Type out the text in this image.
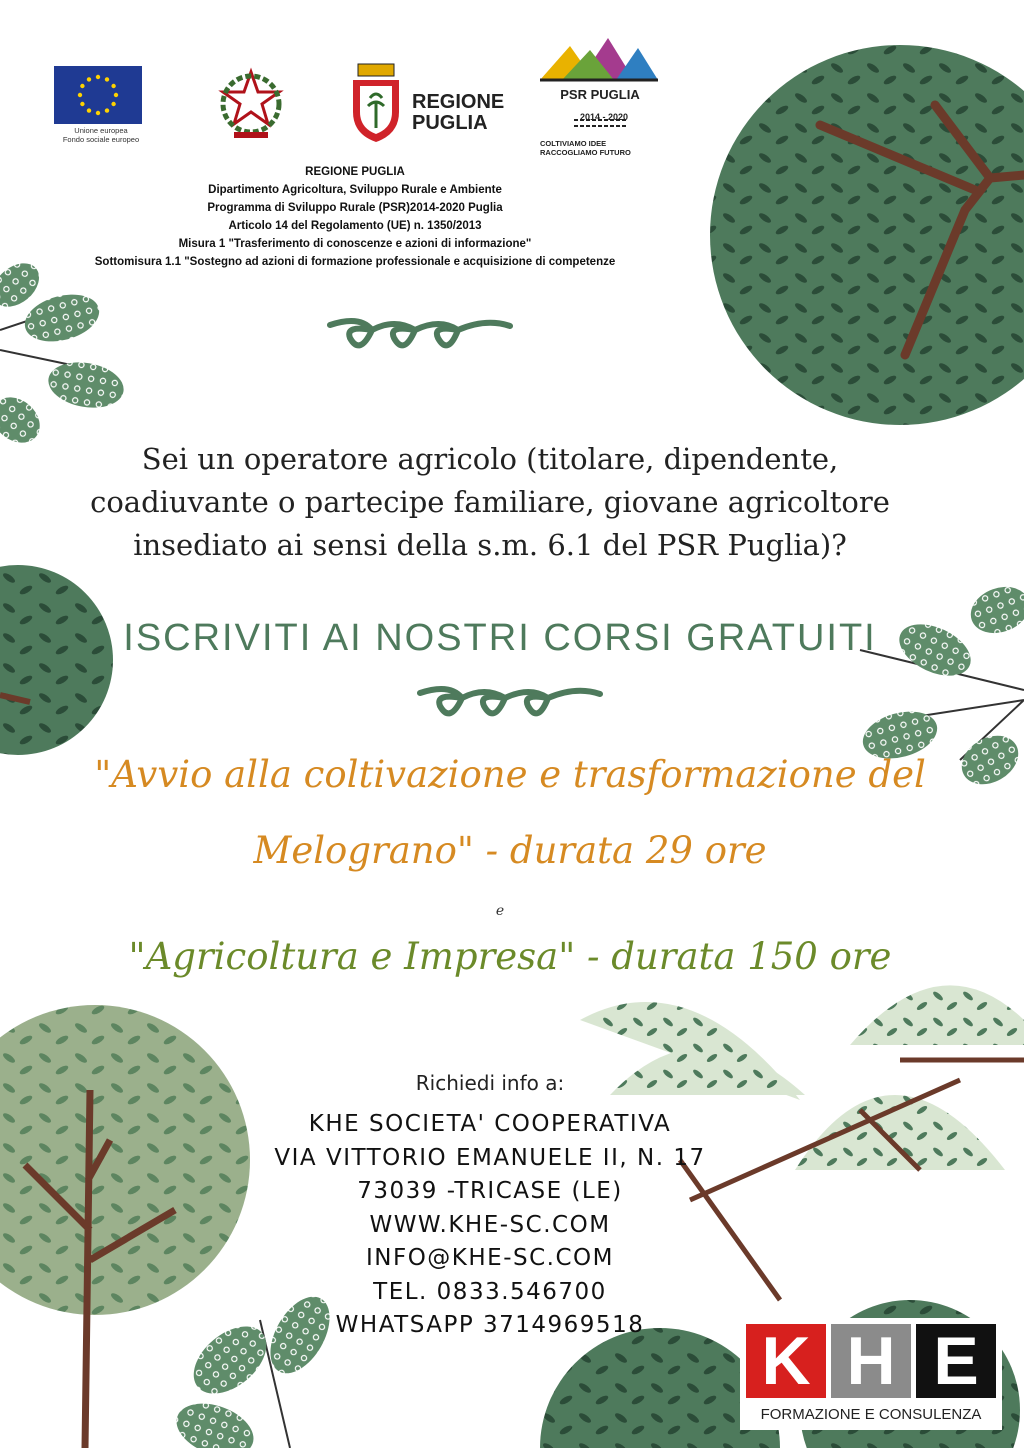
Unione europea
Fondo sociale europeo
REGIONE
PUGLIA
PSR PUGLIA
2014 - 2020
COLTIVIAMO IDEE
RACCOGLIAMO FUTURO
REGIONE PUGLIA
Dipartimento Agricoltura, Sviluppo Rurale e Ambiente
Programma di Sviluppo Rurale (PSR)2014-2020 Puglia
Articolo 14 del Regolamento (UE) n. 1350/2013
Misura 1 "Trasferimento di conoscenze e azioni di informazione"
Sottomisura 1.1 "Sostegno ad azioni di formazione professionale e acquisizione di competenze
Sei un operatore agricolo (titolare, dipendente,
coadiuvante o partecipe familiare, giovane agricoltore
insediato ai sensi della s.m. 6.1 del PSR Puglia)?
ISCRIVITI AI NOSTRI CORSI GRATUITI
"Avvio alla coltivazione e trasformazione del
Melograno" - durata 29 ore
e
"Agricoltura e Impresa" - durata 150 ore
Richiedi info a:
KHE SOCIETA' COOPERATIVA
VIA VITTORIO EMANUELE II, N. 17
73039 -TRICASE (LE)
WWW.KHE-SC.COM
INFO@KHE-SC.COM
TEL. 0833.546700
WHATSAPP 3714969518	K H E
FORMAZIONE E CONSULENZA
